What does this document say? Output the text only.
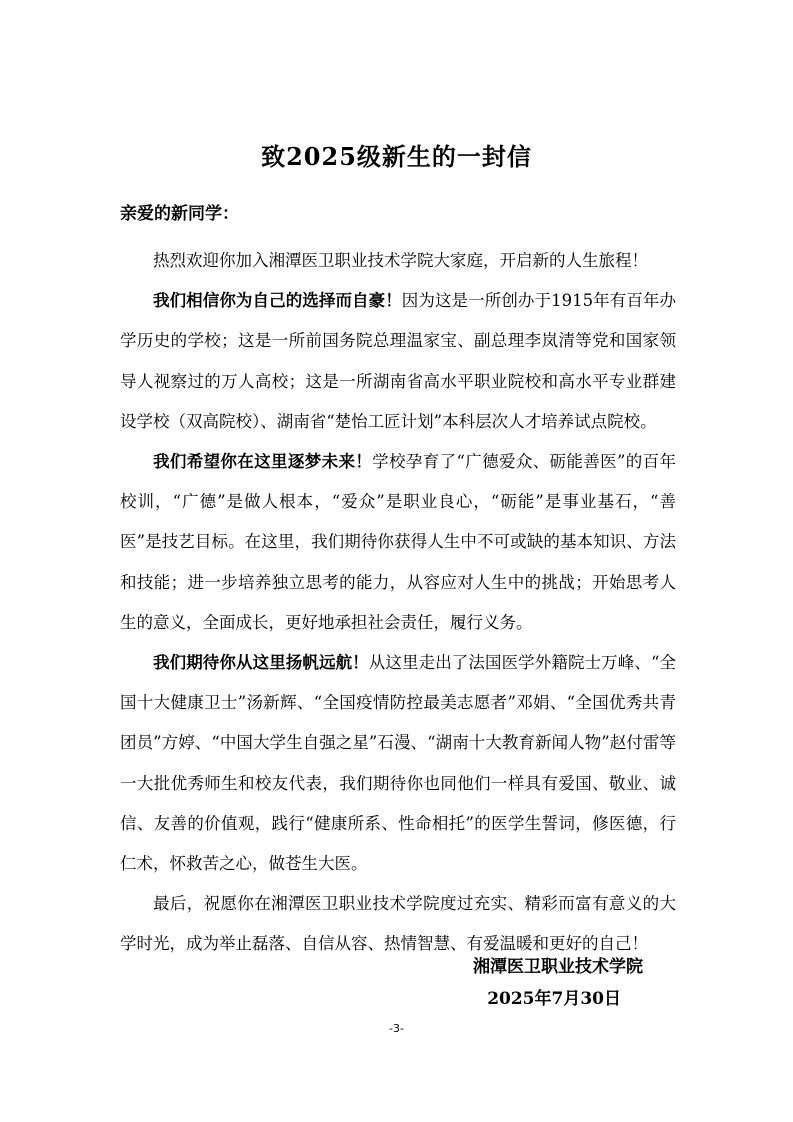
致2025级新生的一封信
亲爱的新同学：

热烈欢迎你加入湘潭医卫职业技术学院大家庭，开启新的人生旅程！

我们相信你为自己的选择而自豪！因为这是一所创办于1915年有百年办学历史的学校；这是一所前国务院总理温家宝、副总理李岚清等党和国家领导人视察过的万人高校；这是一所湖南省高水平职业院校和高水平专业群建设学校（双高院校）、湖南省“楚怡工匠计划”本科层次人才培养试点院校。

我们希望你在这里逐梦未来！学校孕育了“广德爱众、砺能善医”的百年校训，“广德”是做人根本，“爱众”是职业良心，“砺能”是事业基石，“善医”是技艺目标。在这里，我们期待你获得人生中不可或缺的基本知识、方法和技能；进一步培养独立思考的能力，从容应对人生中的挑战；开始思考人生的意义，全面成长，更好地承担社会责任，履行义务。

我们期待你从这里扬帆远航！从这里走出了法国医学外籍院士万峰、“全国十大健康卫士”汤新辉、“全国疫情防控最美志愿者”邓娟、“全国优秀共青团员”方婷、“中国大学生自强之星”石漫、“湖南十大教育新闻人物”赵付雷等一大批优秀师生和校友代表，我们期待你也同他们一样具有爱国、敬业、诚信、友善的价值观，践行“健康所系、性命相托”的医学生誓词，修医德，行仁术，怀救苦之心，做苍生大医。

最后，祝愿你在湘潭医卫职业技术学院度过充实、精彩而富有意义的大学时光，成为举止磊落、自信从容、热情智慧、有爱温暖和更好的自己！

湘潭医卫职业技术学院
2025年7月30日
-3-
